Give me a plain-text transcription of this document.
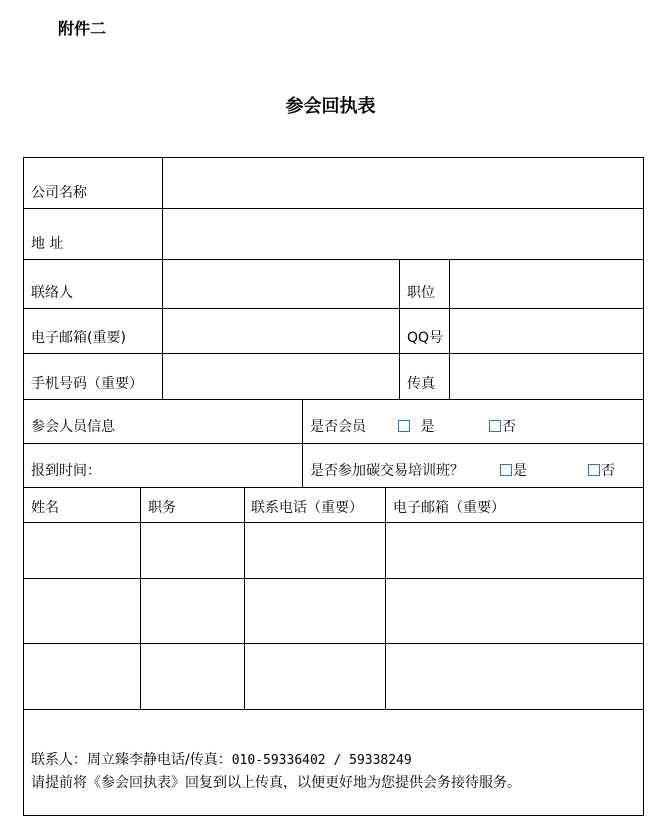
附件二
参会回执表
公司名称
地 址
联络人	职位
电子邮箱(重要)	QQ号
手机号码（重要）	传真
参会人员信息	是否会员	是	否
报到时间：	是否参加碳交易培训班？	是	否
姓名	职务	联系电话（重要） 电子邮箱（重要）
联系人：周立臻李静电话/传真：010-59336402 / 59338249
请提前将《参会回执表》回复到以上传真，以便更好地为您提供会务接待服务。
